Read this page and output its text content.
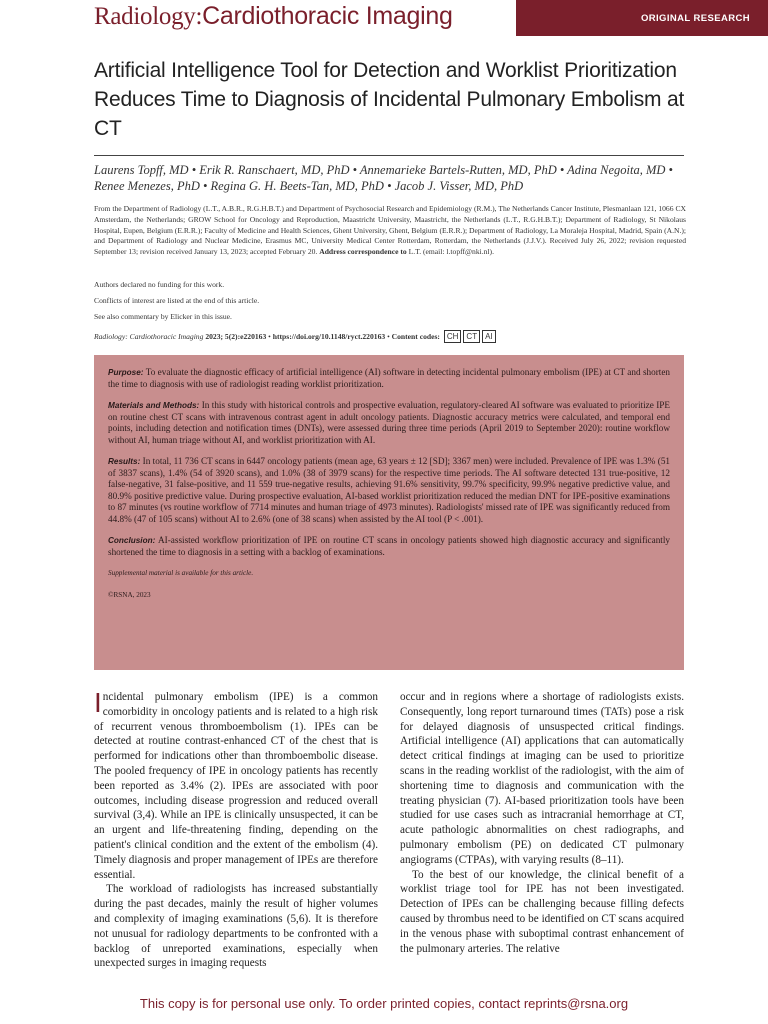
Radiology:Cardiothoracic Imaging	ORIGINAL RESEARCH
Artificial Intelligence Tool for Detection and Worklist Prioritization Reduces Time to Diagnosis of Incidental Pulmonary Embolism at CT
Laurens Topff, MD • Erik R. Ranschaert, MD, PhD • Annemarieke Bartels-Rutten, MD, PhD • Adina Negoita, MD • Renee Menezes, PhD • Regina G. H. Beets-Tan, MD, PhD • Jacob J. Visser, MD, PhD
From the Department of Radiology (L.T., A.B.R., R.G.H.B.T.) and Department of Psychosocial Research and Epidemiology (R.M.), The Netherlands Cancer Institute, Plesmanlaan 121, 1066 CX Amsterdam, the Netherlands; GROW School for Oncology and Reproduction, Maastricht University, Maastricht, the Netherlands (L.T., R.G.H.B.T.); Department of Radiology, St Nikolaus Hospital, Eupen, Belgium (E.R.R.); Faculty of Medicine and Health Sciences, Ghent University, Ghent, Belgium (E.R.R.); Department of Radiology, La Moraleja Hospital, Madrid, Spain (A.N.); and Department of Radiology and Nuclear Medicine, Erasmus MC, University Medical Center Rotterdam, Rotterdam, the Netherlands (J.J.V.). Received July 26, 2022; revision requested September 13; revision received January 13, 2023; accepted February 20. Address correspondence to L.T. (email: l.topff@nki.nl).
Authors declared no funding for this work.
Conflicts of interest are listed at the end of this article.
See also commentary by Elicker in this issue.
Radiology: Cardiothoracic Imaging
2023; 5(2):e220163 • https://doi.org/10.1148/ryct.220163 • Content codes:
CH	CT	AI

Purpose: To evaluate the diagnostic efficacy of artificial intelligence (AI) software in detecting incidental pulmonary embolism (IPE) at CT and shorten the time to diagnosis with use of radiologist reading worklist prioritization.

Materials and Methods: In this study with historical controls and prospective evaluation, regulatory-cleared AI software was evaluated to prioritize IPE on routine chest CT scans with intravenous contrast agent in adult oncology patients. Diagnostic accuracy metrics were calculated, and temporal end points, including detection and notification times (DNTs), were assessed during three time periods (April 2019 to September 2020): routine workflow without AI, human triage without AI, and worklist prioritization with AI.

Results: In total, 11 736 CT scans in 6447 oncology patients (mean age, 63 years ± 12 [SD]; 3367 men) were included. Prevalence of IPE was 1.3% (51 of 3837 scans), 1.4% (54 of 3920 scans), and 1.0% (38 of 3979 scans) for the respective time periods. The AI software detected 131 true-positive, 12 false-negative, 31 false-positive, and 11 559 true-negative results, achieving 91.6% sensitivity, 99.7% specificity, 99.9% negative predictive value, and 80.9% positive predictive value. During prospective evaluation, AI-based worklist prioritization reduced the median DNT for IPE-positive examinations to 87 minutes (vs routine workflow of 7714 minutes and human triage of 4973 minutes). Radiologists' missed rate of IPE was significantly reduced from 44.8% (47 of 105 scans) without AI to 2.6% (one of 38 scans) when assisted by the AI tool (P < .001).

Conclusion: AI-assisted workflow prioritization of IPE on routine CT scans in oncology patients showed high diagnostic accuracy and significantly shortened the time to diagnosis in a setting with a backlog of examinations.

Supplemental material is available for this article.

©RSNA, 2023

Incidental pulmonary embolism (IPE) is a common comorbidity in oncology patients and is related to a high risk of recurrent venous thromboembolism (1). IPEs can be detected at routine contrast-enhanced CT of the chest that is performed for indications other than thromboembolic disease. The pooled frequency of IPE in oncology patients has recently been reported as 3.4% (2). IPEs are associated with poor outcomes, including disease progression and reduced overall survival (3,4). While an IPE is clinically unsuspected, it can be an urgent and life-threatening finding, depending on the patient's clinical condition and the extent of the embolism (4). Timely diagnosis and proper management of IPEs are therefore essential.

The workload of radiologists has increased substantially during the past decades, mainly the result of higher volumes and complexity of imaging examinations (5,6). It is therefore not unusual for radiology departments to be confronted with a backlog of unreported examinations, especially when unexpected surges in imaging requests

occur and in regions where a shortage of radiologists exists. Consequently, long report turnaround times (TATs) pose a risk for delayed diagnosis of unsuspected critical findings. Artificial intelligence (AI) applications that can automatically detect critical findings at imaging can be used to prioritize scans in the reading worklist of the radiologist, with the aim of shortening time to diagnosis and communication with the treating physician (7). AI-based prioritization tools have been studied for use cases such as intracranial hemorrhage at CT, acute pathologic abnormalities on chest radiographs, and pulmonary embolism (PE) on dedicated CT pulmonary angiograms (CTPAs), with varying results (8–11).

To the best of our knowledge, the clinical benefit of a worklist triage tool for IPE has not been investigated. Detection of IPEs can be challenging because filling defects caused by thrombus need to be identified on CT scans acquired in the venous phase with suboptimal contrast enhancement of the pulmonary arteries. The relative

This copy is for personal use only. To order printed copies, contact reprints@rsna.org
